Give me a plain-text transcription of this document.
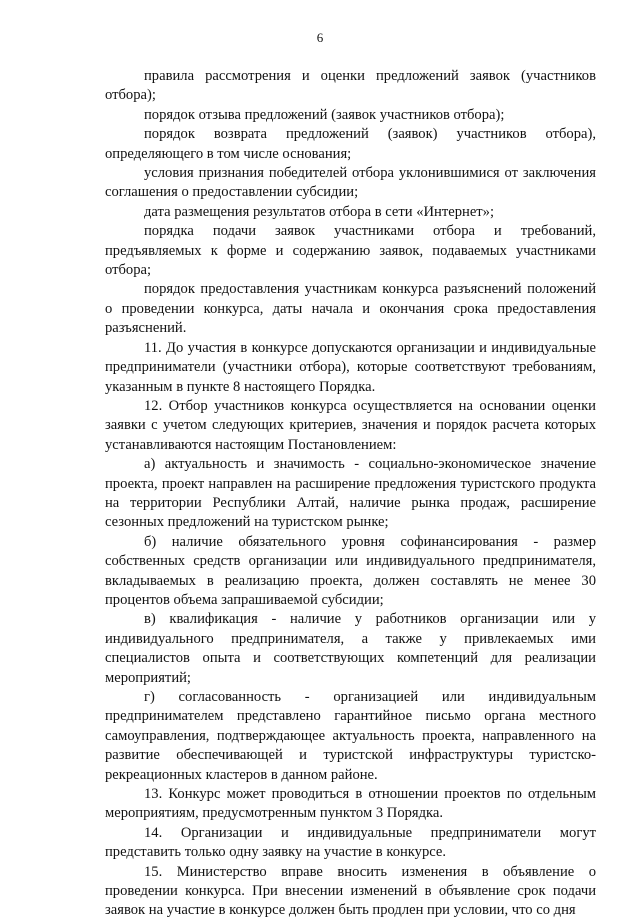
6

правила рассмотрения и оценки предложений заявок (участников отбора);

порядок отзыва предложений (заявок участников отбора);

порядок возврата предложений (заявок) участников отбора), определяющего в том числе основания;

условия признания победителей отбора уклонившимися от заключения соглашения о предоставлении субсидии;

дата размещения результатов отбора в сети «Интернет»;

порядка подачи заявок участниками отбора и требований, предъявляемых к форме и содержанию заявок, подаваемых участниками отбора;

порядок предоставления участникам конкурса разъяснений положений о проведении конкурса, даты начала и окончания срока предоставления разъяснений.

11. До участия в конкурсе допускаются организации и индивидуальные предприниматели (участники отбора), которые соответствуют требованиям, указанным в пункте 8 настоящего Порядка.

12. Отбор участников конкурса осуществляется на основании оценки заявки с учетом следующих критериев, значения и порядок расчета которых устанавливаются настоящим Постановлением:

а) актуальность и значимость - социально-экономическое значение проекта, проект направлен на расширение предложения туристского продукта на территории Республики Алтай, наличие рынка продаж, расширение сезонных предложений на туристском рынке;

б) наличие обязательного уровня софинансирования - размер собственных средств организации или индивидуального предпринимателя, вкладываемых в реализацию проекта, должен составлять не менее 30 процентов объема запрашиваемой субсидии;

в) квалификация - наличие у работников организации или у индивидуального предпринимателя, а также у привлекаемых ими специалистов опыта и соответствующих компетенций для реализации мероприятий;

г) согласованность - организацией или индивидуальным предпринимателем представлено гарантийное письмо органа местного самоуправления, подтверждающее актуальность проекта, направленного на развитие обеспечивающей и туристской инфраструктуры туристско-рекреационных кластеров в данном районе.

13. Конкурс может проводиться в отношении проектов по отдельным мероприятиям, предусмотренным пунктом 3 Порядка.

14. Организации и индивидуальные предприниматели могут представить только одну заявку на участие в конкурсе.

15. Министерство вправе вносить изменения в объявление о проведении конкурса. При внесении изменений в объявление срок подачи заявок на участие в конкурсе должен быть продлен при условии, что со дня
